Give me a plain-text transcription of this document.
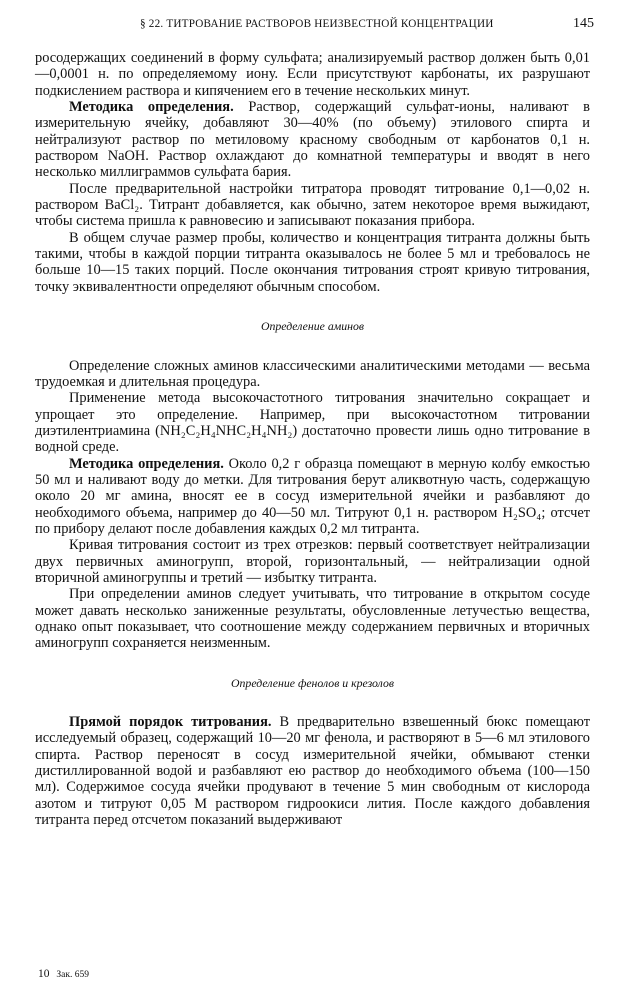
§ 22. ТИТРОВАНИЕ РАСТВОРОВ НЕИЗВЕСТНОЙ КОНЦЕНТРАЦИИ	145

росодержащих соединений в форму сульфата; анализируемый раствор должен быть 0,01—0,0001 н. по определяемому иону. Если присутствуют карбонаты, их разрушают подкислением раствора и кипячением его в течение нескольких минут.

Методика определения. Раствор, содержащий сульфат-ионы, наливают в измерительную ячейку, добавляют 30—40% (по объему) этилового спирта и нейтрализуют раствор по метиловому красному свободным от карбонатов 0,1 н. раствором NaOH. Раствор охлаждают до комнатной температуры и вводят в него несколько миллиграммов сульфата бария.

После предварительной настройки титратора проводят титрование 0,1—0,02 н. раствором BaCl₂. Титрант добавляется, как обычно, затем некоторое время выжидают, чтобы система пришла к равновесию и записывают показания прибора.

В общем случае размер пробы, количество и концентрация титранта должны быть такими, чтобы в каждой порции титранта оказывалось не более 5 мл и требовалось не больше 10—15 таких порций. После окончания титрования строят кривую титрования, точку эквивалентности определяют обычным способом.

Определение аминов

Определение сложных аминов классическими аналитическими методами — весьма трудоемкая и длительная процедура.

Применение метода высокочастотного титрования значительно сокращает и упрощает это определение. Например, при высокочастотном титровании диэтилентриамина (NH₂C₂H₄NHC₂H₄NH₂) достаточно провести лишь одно титрование в водной среде.

Методика определения. Около 0,2 г образца помещают в мерную колбу емкостью 50 мл и наливают воду до метки. Для титрования берут аликвотную часть, содержащую около 20 мг амина, вносят ее в сосуд измерительной ячейки и разбавляют до необходимого объема, например до 40—50 мл. Титруют 0,1 н. раствором H₂SO₄; отсчет по прибору делают после добавления каждых 0,2 мл титранта.

Кривая титрования состоит из трех отрезков: первый соответствует нейтрализации двух первичных аминогрупп, второй, горизонтальный, — нейтрализации одной вторичной аминогруппы и третий — избытку титранта.

При определении аминов следует учитывать, что титрование в открытом сосуде может давать несколько заниженные результаты, обусловленные летучестью вещества, однако опыт показывает, что соотношение между содержанием первичных и вторичных аминогрупп сохраняется неизменным.

Определение фенолов и крезолов

Прямой порядок титрования. В предварительно взвешенный бюкс помещают исследуемый образец, содержащий 10—20 мг фенола, и растворяют в 5—6 мл этилового спирта. Раствор переносят в сосуд измерительной ячейки, обмывают стенки дистиллированной водой и разбавляют ею раствор до необходимого объема (100—150 мл). Содержимое сосуда ячейки продувают в течение 5 мин свободным от кислорода азотом и титруют 0,05 М раствором гидроокиси лития. После каждого добавления титранта перед отсчетом показаний выдерживают

10 Зак. 659
